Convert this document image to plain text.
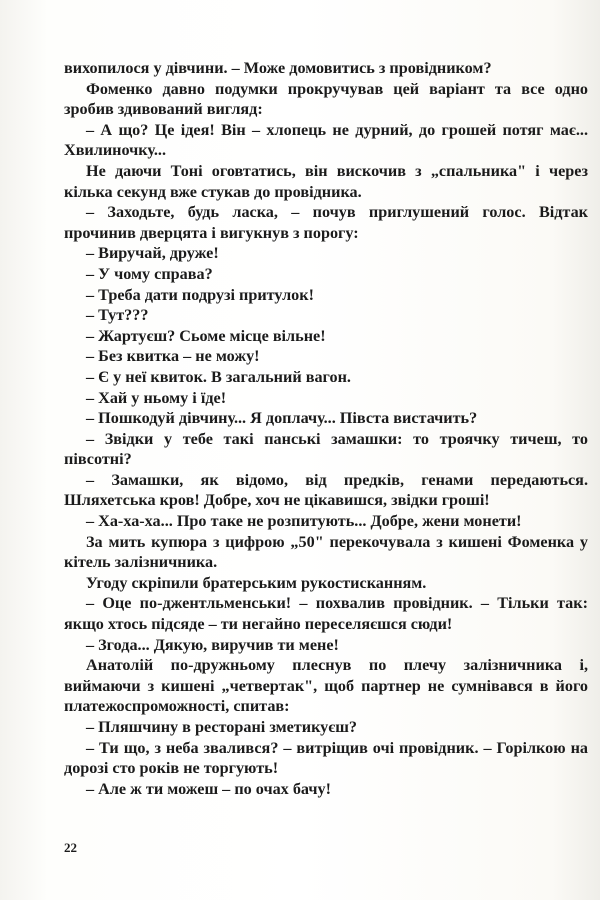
вихопилося у дівчини. – Може домовитись з провідником?

Фоменко давно подумки прокручував цей варіант та все одно зробив здивований вигляд:

– А що? Це ідея! Він – хлопець не дурний, до грошей потяг має... Хвилиночку...

Не даючи Тоні оговтатись, він вискочив з „спальника" і через кілька секунд вже стукав до провідника.

– Заходьте, будь ласка, – почув приглушений голос. Відтак прочинив дверцята і вигукнув з порогу:

– Виручай, друже!

– У чому справа?

– Треба дати подрузі притулок!

– Тут???

– Жартуєш? Сьоме місце вільне!

– Без квитка – не можу!

– Є у неї квиток. В загальний вагон.

– Хай у ньому і їде!

– Пошкодуй дівчину... Я доплачу... Півста вистачить?

– Звідки у тебе такі панські замашки: то троячку тичеш, то півсотні?

– Замашки, як відомо, від предків, генами передаються. Шляхетська кров! Добре, хоч не цікавишся, звідки гроші!

– Ха-ха-ха... Про таке не розпитують... Добре, жени монети!

За мить купюра з цифрою „50" перекочувала з кишені Фоменка у кітель залізничника.

Угоду скріпили братерським рукостисканням.

– Оце по-джентльменськи! – похвалив провідник. – Тільки так: якщо хтось підсяде – ти негайно переселяєшся сюди!

– Згода... Дякую, виручив ти мене!

Анатолій по-дружньому плеснув по плечу залізничника і, виймаючи з кишені „четвертак", щоб партнер не сумнівався в його платежоспроможності, спитав:

– Пляшчину в ресторані зметикуєш?

– Ти що, з неба звалився? – витріщив очі провідник. – Горілкою на дорозі сто років не торгують!

– Але ж ти можеш – по очах бачу!

22
